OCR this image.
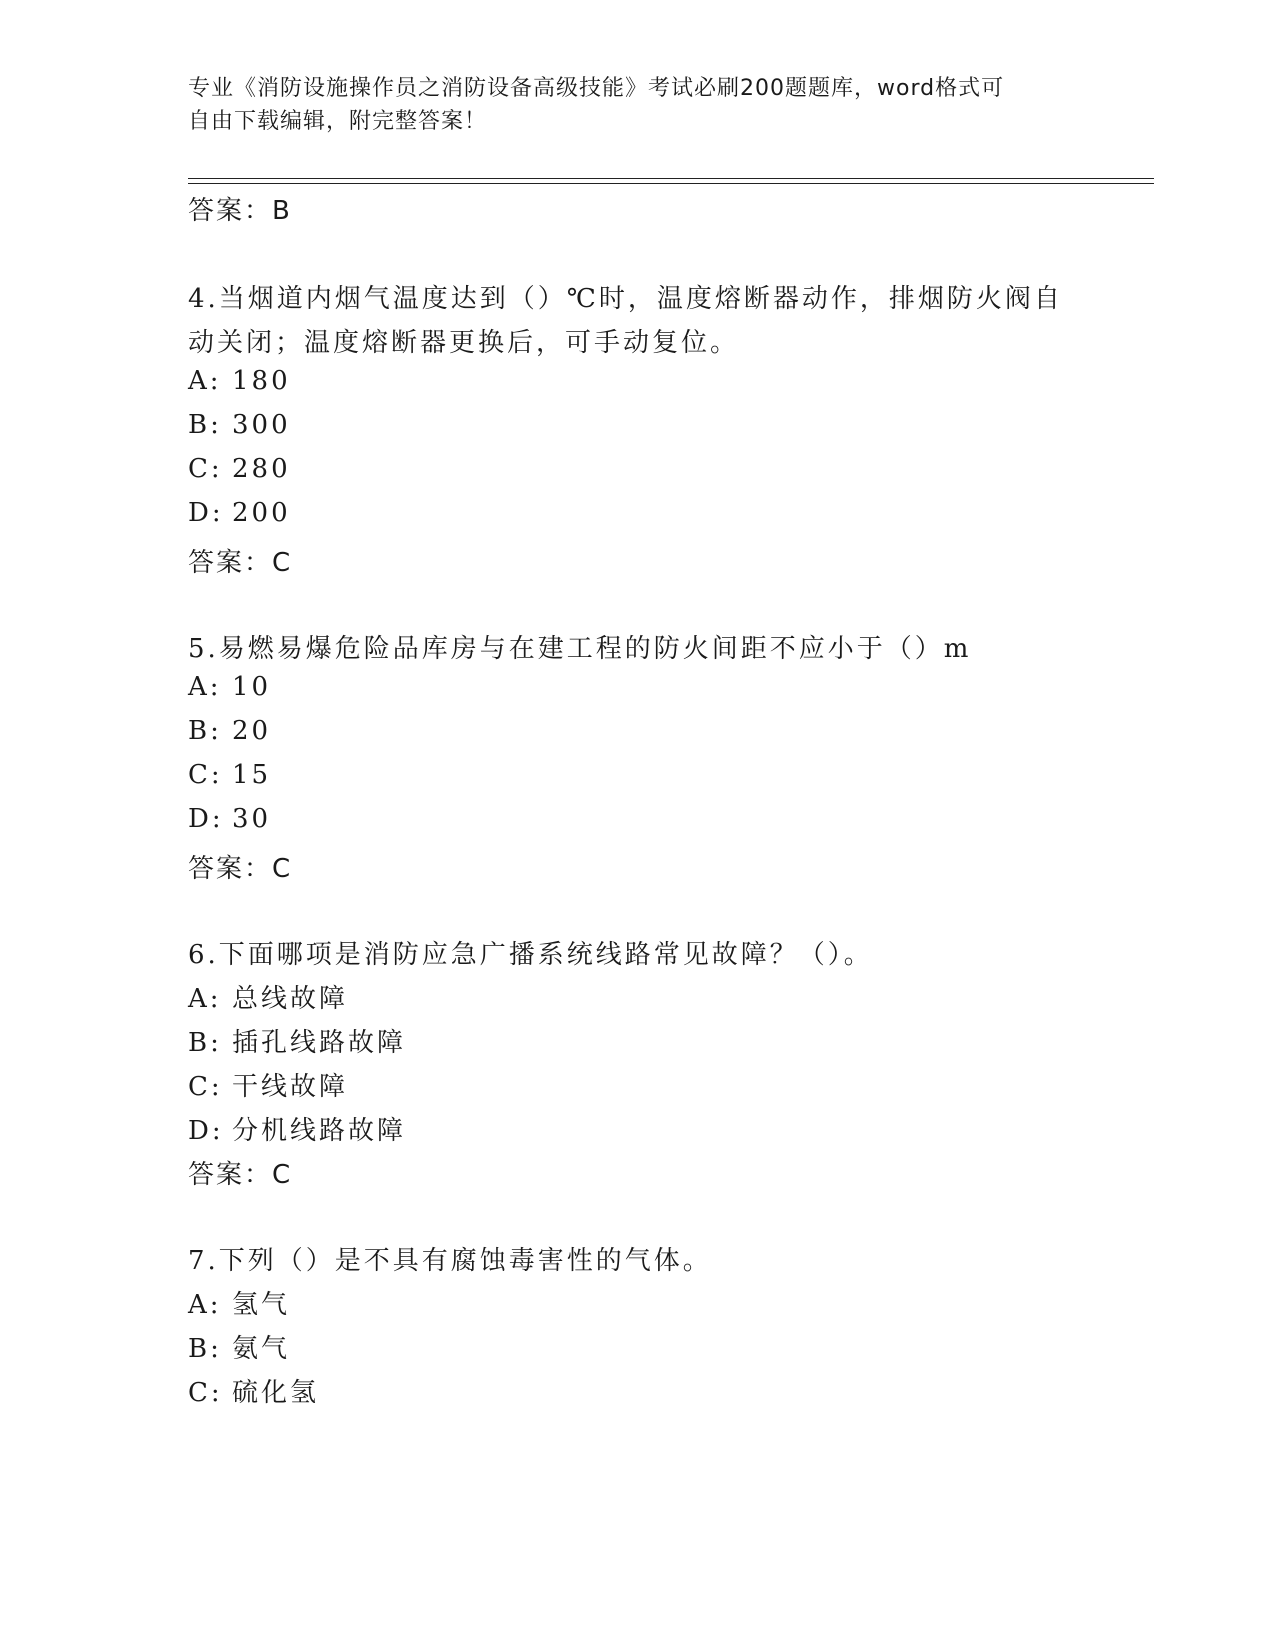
专业《消防设施操作员之消防设备高级技能》考试必刷200题题库，word格式可
自由下载编辑，附完整答案！
答案：B
4.当烟道内烟气温度达到（）℃时，温度熔断器动作，排烟防火阀自
动关闭；温度熔断器更换后，可手动复位。
A: 180
B: 300
C: 280
D: 200
答案：C
5.易燃易爆危险品库房与在建工程的防火间距不应小于（）m
A: 10
B: 20
C: 15
D: 30
答案：C
6.下面哪项是消防应急广播系统线路常见故障？（）。
A: 总线故障
B: 插孔线路故障
C: 干线故障
D: 分机线路故障
答案：C
7.下列（）是不具有腐蚀毒害性的气体。
A: 氢气
B: 氨气
C: 硫化氢
